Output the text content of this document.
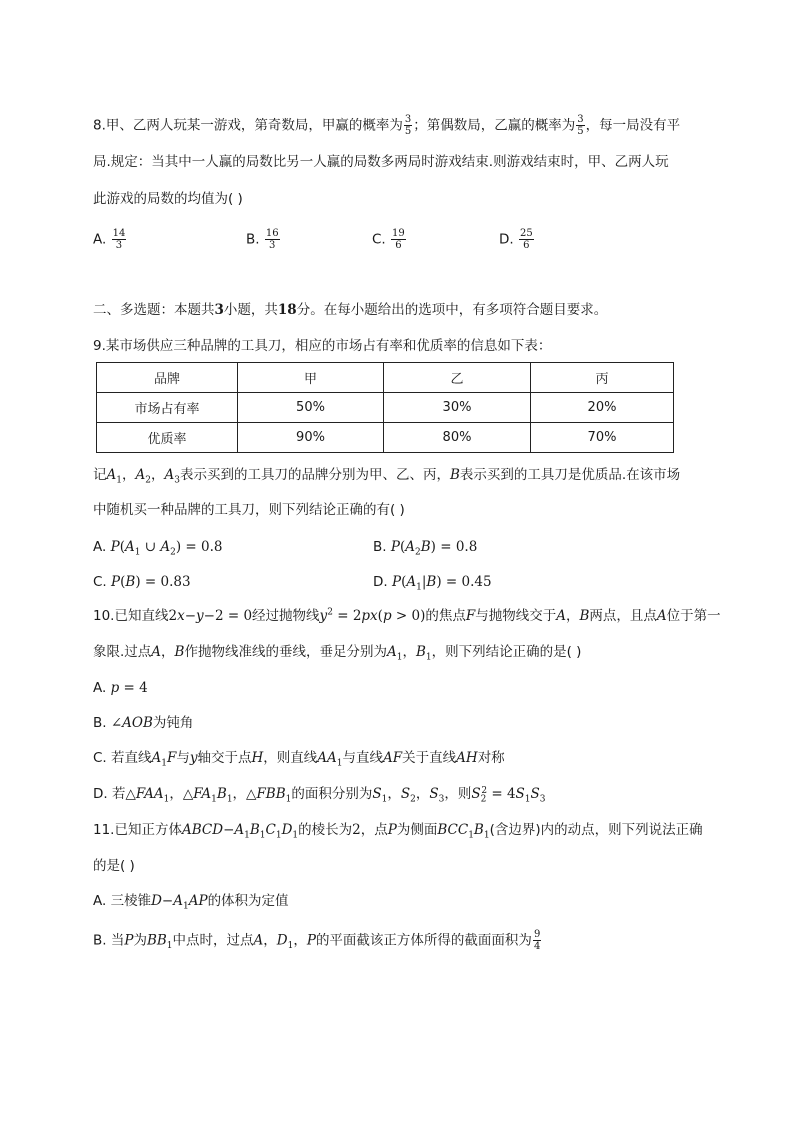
8.甲、乙两人玩某一游戏，第奇数局，甲赢的概率为 $\frac{3}{5}$ ；第偶数局，乙赢的概率为 $\frac{3}{5}$ ，每一局没有平
局.规定：当其中一人赢的局数比另一人赢的局数多两局时游戏结束.则游戏结束时，甲、乙两人玩
此游戏的局数的均值为( )
A. $\frac{14}{3}$	B. $\frac{16}{3}$	C. $\frac{19}{6}$	D. $\frac{25}{6}$
二、多选题：本题共3小题，共18分。在每小题给出的选项中，有多项符合题目要求。
9.某市场供应三种品牌的工具刀，相应的市场占有率和优质率的信息如下表：
品牌	甲	乙	丙
市场占有率	50%	30%	20%
优质率	90%	80%	70%
记$A_1$，$A_2$，$A_3$表示买到的工具刀的品牌分别为甲、乙、丙，B表示买到的工具刀是优质品.在该市场
中随机买一种品牌的工具刀，则下列结论正确的有( )
A. $P(A_1$ ∪ $A_2) = 0.8$	B. $P(A_2B) = 0.8$
C. P(B) = 0.83	D. $P(A_1|B) = 0.45$
10.已知直线2x−y−2 = 0经过抛物线$y^2 = 2px(p > 0)$的焦点F与抛物线交于A，B两点，且点A位于第一
象限.过点A，B作抛物线准线的垂线，垂足分别为$A_1$，$B_1$，则下列结论正确的是( )
A. p = 4
B. ∠AOB为钝角
C. 若直线$A_1F$与y轴交于点H，则直线$AA_1$与直线AF关于直线AH对称
D. 若$\triangle FAA_1$，$\triangle FA_1B_1$，$\triangle FBB_1$的面积分别为$S_1$，$S_2$，$S_3$，则$S_2^2 = 4S_1S_3$
11.已知正方体$ABCD-A_1B_1C_1D_1$的棱长为2，点P为侧面$BCC_1B_1$(含边界)内的动点，则下列说法正确
的是( )
A. 三棱锥$D-A_1AP$的体积为定值
B. 当P为$BB_1$中点时，过点A，$D_1$，P的平面截该正方体所得的截面面积为 $\frac{9}{4}$
